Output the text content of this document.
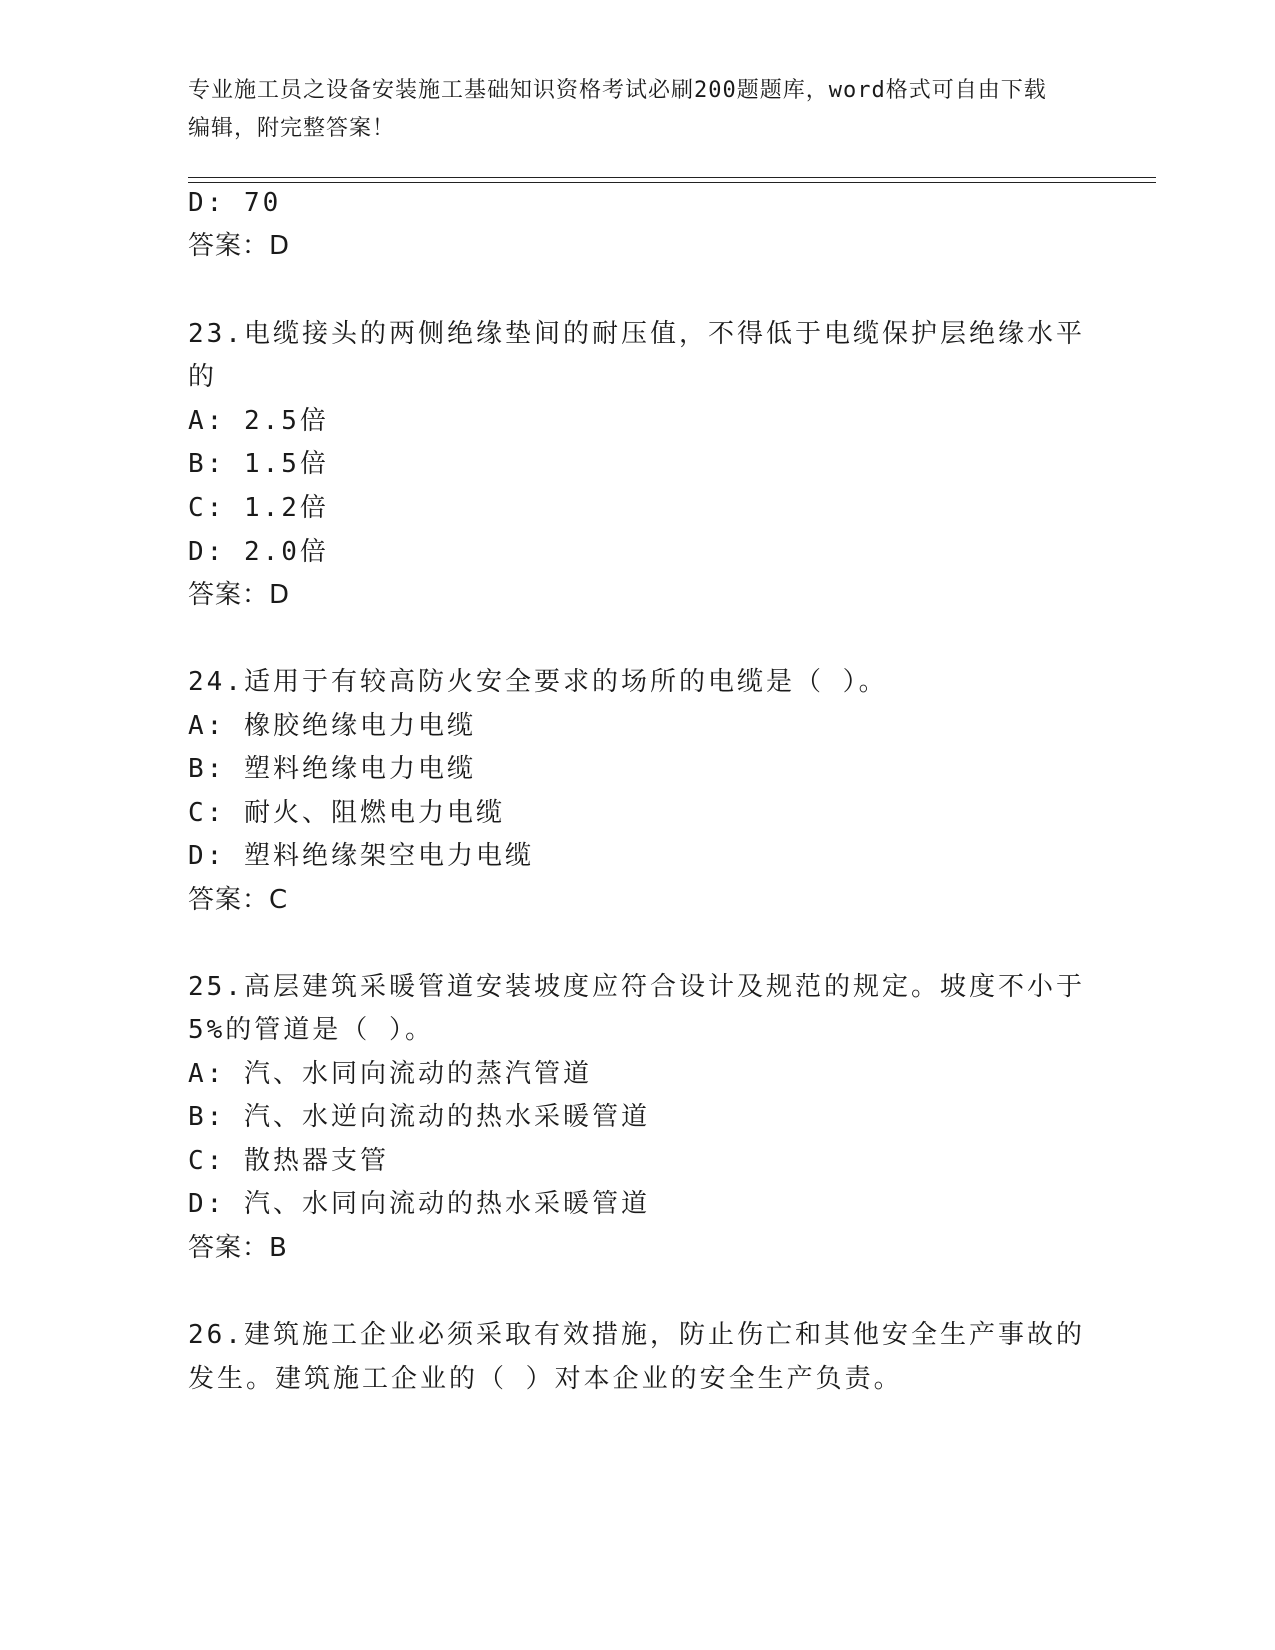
专业施工员之设备安装施工基础知识资格考试必刷200题题库，word格式可自由下载编辑，附完整答案！
D: 70
答案：D
23.电缆接头的两侧绝缘垫间的耐压值，不得低于电缆保护层绝缘水平
的
A: 2.5倍
B: 1.5倍
C: 1.2倍
D: 2.0倍
答案：D
24.适用于有较高防火安全要求的场所的电缆是（ ）。
A: 橡胶绝缘电力电缆
B: 塑料绝缘电力电缆
C: 耐火、阻燃电力电缆
D: 塑料绝缘架空电力电缆
答案：C
25.高层建筑采暖管道安装坡度应符合设计及规范的规定。坡度不小于
5%的管道是（ ）。
A: 汽、水同向流动的蒸汽管道
B: 汽、水逆向流动的热水采暖管道
C: 散热器支管
D: 汽、水同向流动的热水采暖管道
答案：B
26.建筑施工企业必须采取有效措施，防止伤亡和其他安全生产事故的
发生。建筑施工企业的（ ）对本企业的安全生产负责。
